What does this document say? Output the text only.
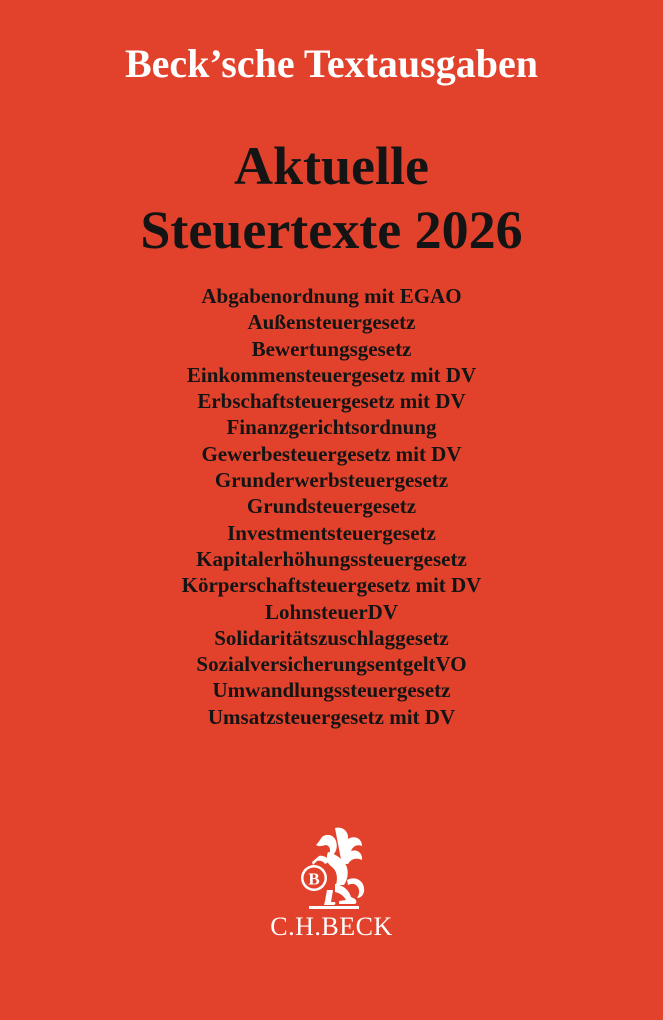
Beck’sche Textausgaben
Aktuelle
Steuertexte 2026
Abgabenordnung mit EGAO
Außensteuergesetz
Bewertungsgesetz
Einkommensteuergesetz mit DV
Erbschaftsteuergesetz mit DV
Finanzgerichtsordnung
Gewerbesteuergesetz mit DV
Grunderwerbsteuergesetz
Grundsteuergesetz
Investmentsteuergesetz
Kapitalerhöhungssteuergesetz
Körperschaftsteuergesetz mit DV
LohnsteuerDV
Solidaritätszuschlaggesetz
SozialversicherungsentgeltVO
Umwandlungssteuergesetz
Umsatzsteuergesetz mit DV
B
C.H.BECK
